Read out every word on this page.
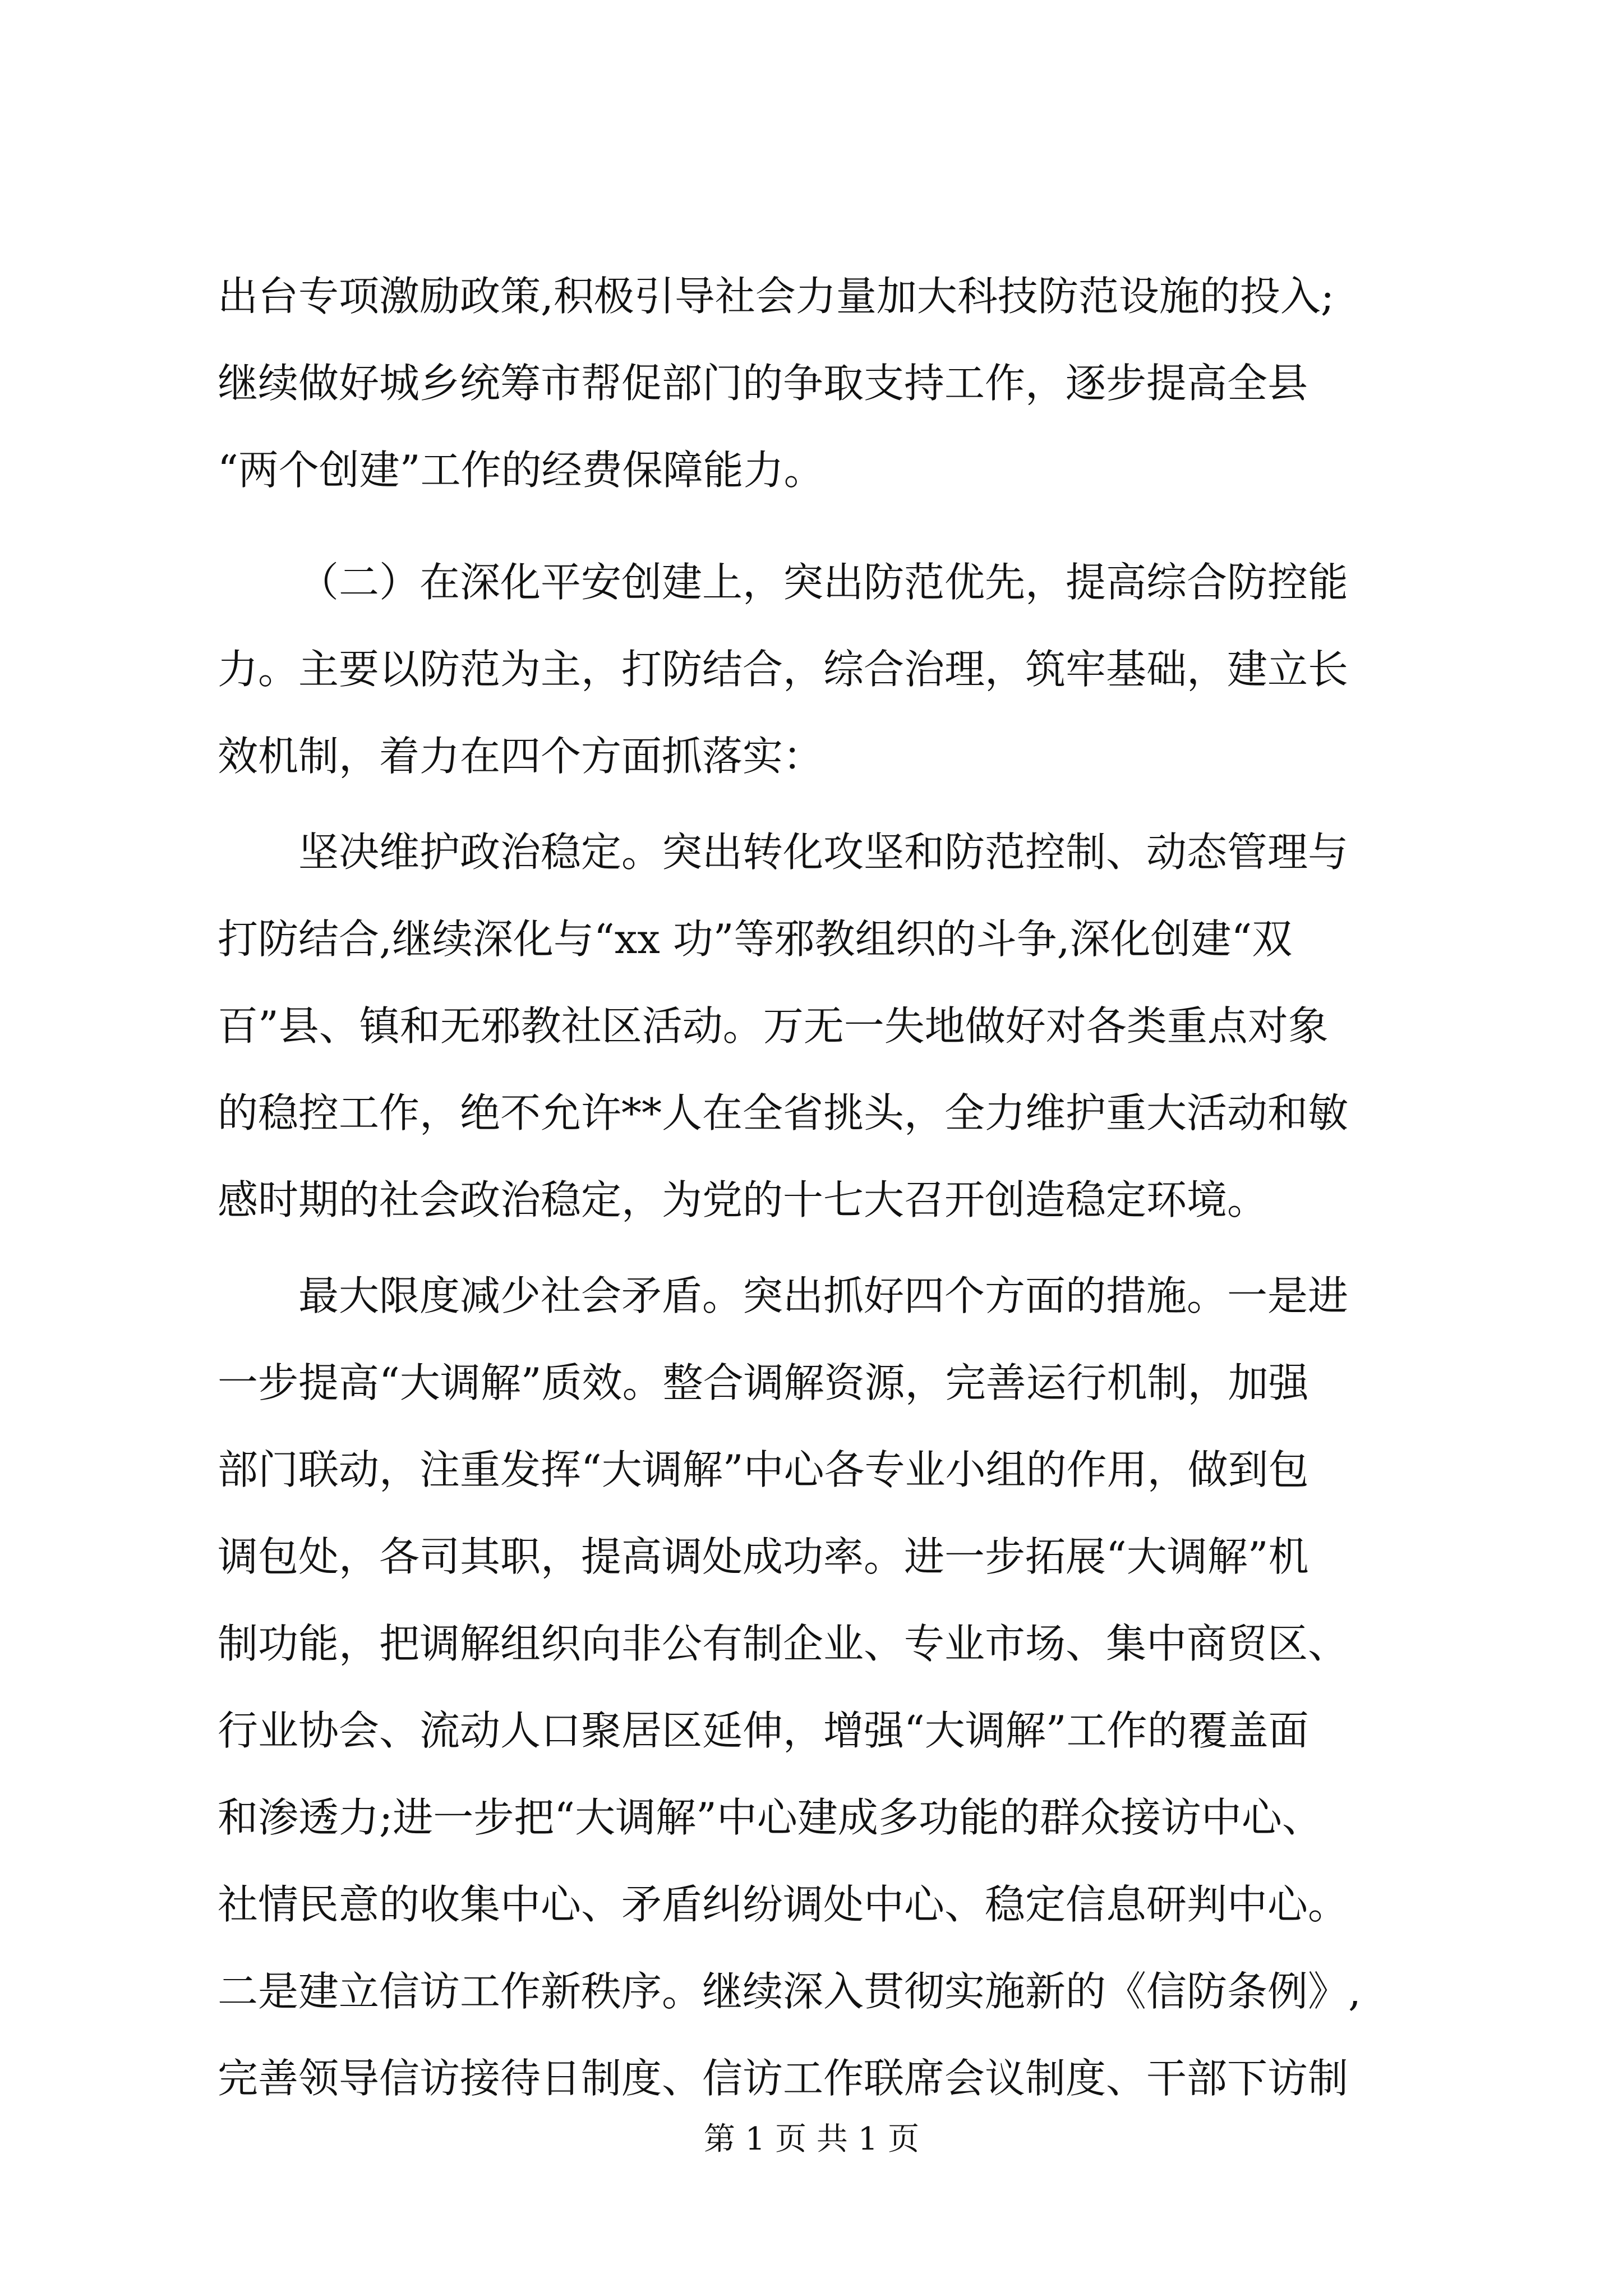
出台专项激励政策,积极引导社会力量加大科技防范设施的投入;
继续做好城乡统筹市帮促部门的争取支持工作，逐步提高全县
“两个创建”工作的经费保障能力。
（二）在深化平安创建上，突出防范优先，提高综合防控能
力。主要以防范为主，打防结合，综合治理，筑牢基础，建立长
效机制，着力在四个方面抓落实：
坚决维护政治稳定。突出转化攻坚和防范控制、动态管理与
打防结合,继续深化与“xx 功”等邪教组织的斗争,深化创建“双
百”县、镇和无邪教社区活动。万无一失地做好对各类重点对象
的稳控工作，绝不允许**人在全省挑头，全力维护重大活动和敏
感时期的社会政治稳定，为党的十七大召开创造稳定环境。
最大限度减少社会矛盾。突出抓好四个方面的措施。一是进
一步提高“大调解”质效。整合调解资源，完善运行机制，加强
部门联动，注重发挥“大调解”中心各专业小组的作用，做到包
调包处，各司其职，提高调处成功率。进一步拓展“大调解”机
制功能，把调解组织向非公有制企业、专业市场、集中商贸区、
行业协会、流动人口聚居区延伸，增强“大调解”工作的覆盖面
和渗透力;进一步把“大调解”中心建成多功能的群众接访中心、
社情民意的收集中心、矛盾纠纷调处中心、稳定信息研判中心。
二是建立信访工作新秩序。继续深入贯彻实施新的《信防条例》,
完善领导信访接待日制度、信访工作联席会议制度、干部下访制
第 1 页 共 1 页
